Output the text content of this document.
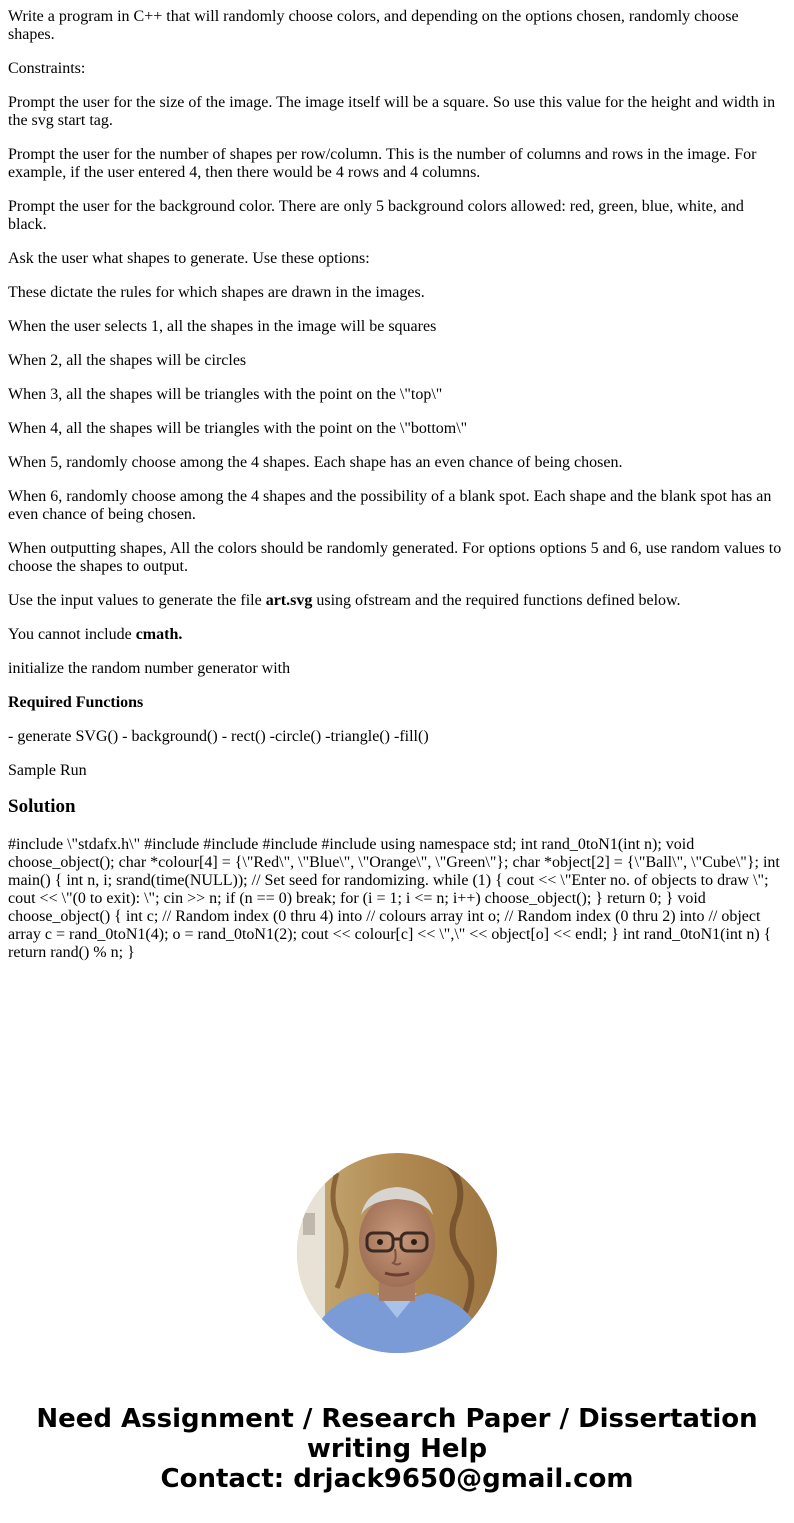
Write a program in C++ that will randomly choose colors, and depending on the options chosen, randomly choose shapes.

Constraints:

Prompt the user for the size of the image. The image itself will be a square. So use this value for the height and width in the svg start tag.

Prompt the user for the number of shapes per row/column. This is the number of columns and rows in the image. For example, if the user entered 4, then there would be 4 rows and 4 columns.

Prompt the user for the background color. There are only 5 background colors allowed: red, green, blue, white, and black.

Ask the user what shapes to generate. Use these options:

These dictate the rules for which shapes are drawn in the images.

When the user selects 1, all the shapes in the image will be squares

When 2, all the shapes will be circles

When 3, all the shapes will be triangles with the point on the \"top\"

When 4, all the shapes will be triangles with the point on the \"bottom\"

When 5, randomly choose among the 4 shapes. Each shape has an even chance of being chosen.

When 6, randomly choose among the 4 shapes and the possibility of a blank spot. Each shape and the blank spot has an even chance of being chosen.

When outputting shapes, All the colors should be randomly generated. For options options 5 and 6, use random values to choose the shapes to output.

Use the input values to generate the file art.svg using ofstream and the required functions defined below.

You cannot include cmath.

initialize the random number generator with

Required Functions

- generate SVG() - background() - rect() -circle() -triangle() -fill()

Sample Run

Solution

#include \"stdafx.h\" #include #include #include #include using namespace std; int rand_0toN1(int n); void choose_object(); char *colour[4] = {\"Red\", \"Blue\", \"Orange\", \"Green\"}; char *object[2] = {\"Ball\", \"Cube\"}; int main() { int n, i; srand(time(NULL)); // Set seed for randomizing. while (1) { cout << \"Enter no. of objects to draw \"; cout << \"(0 to exit): \"; cin >> n; if (n == 0) break; for (i = 1; i <= n; i++) choose_object(); } return 0; } void choose_object() { int c; // Random index (0 thru 4) into // colours array int o; // Random index (0 thru 2) into // object array c = rand_0toN1(4); o = rand_0toN1(2); cout << colour[c] << \",\" << object[o] << endl; } int rand_0toN1(int n) { return rand() % n; }

Need Assignment / Research Paper / Dissertation
writing Help
Contact: drjack9650@gmail.com
